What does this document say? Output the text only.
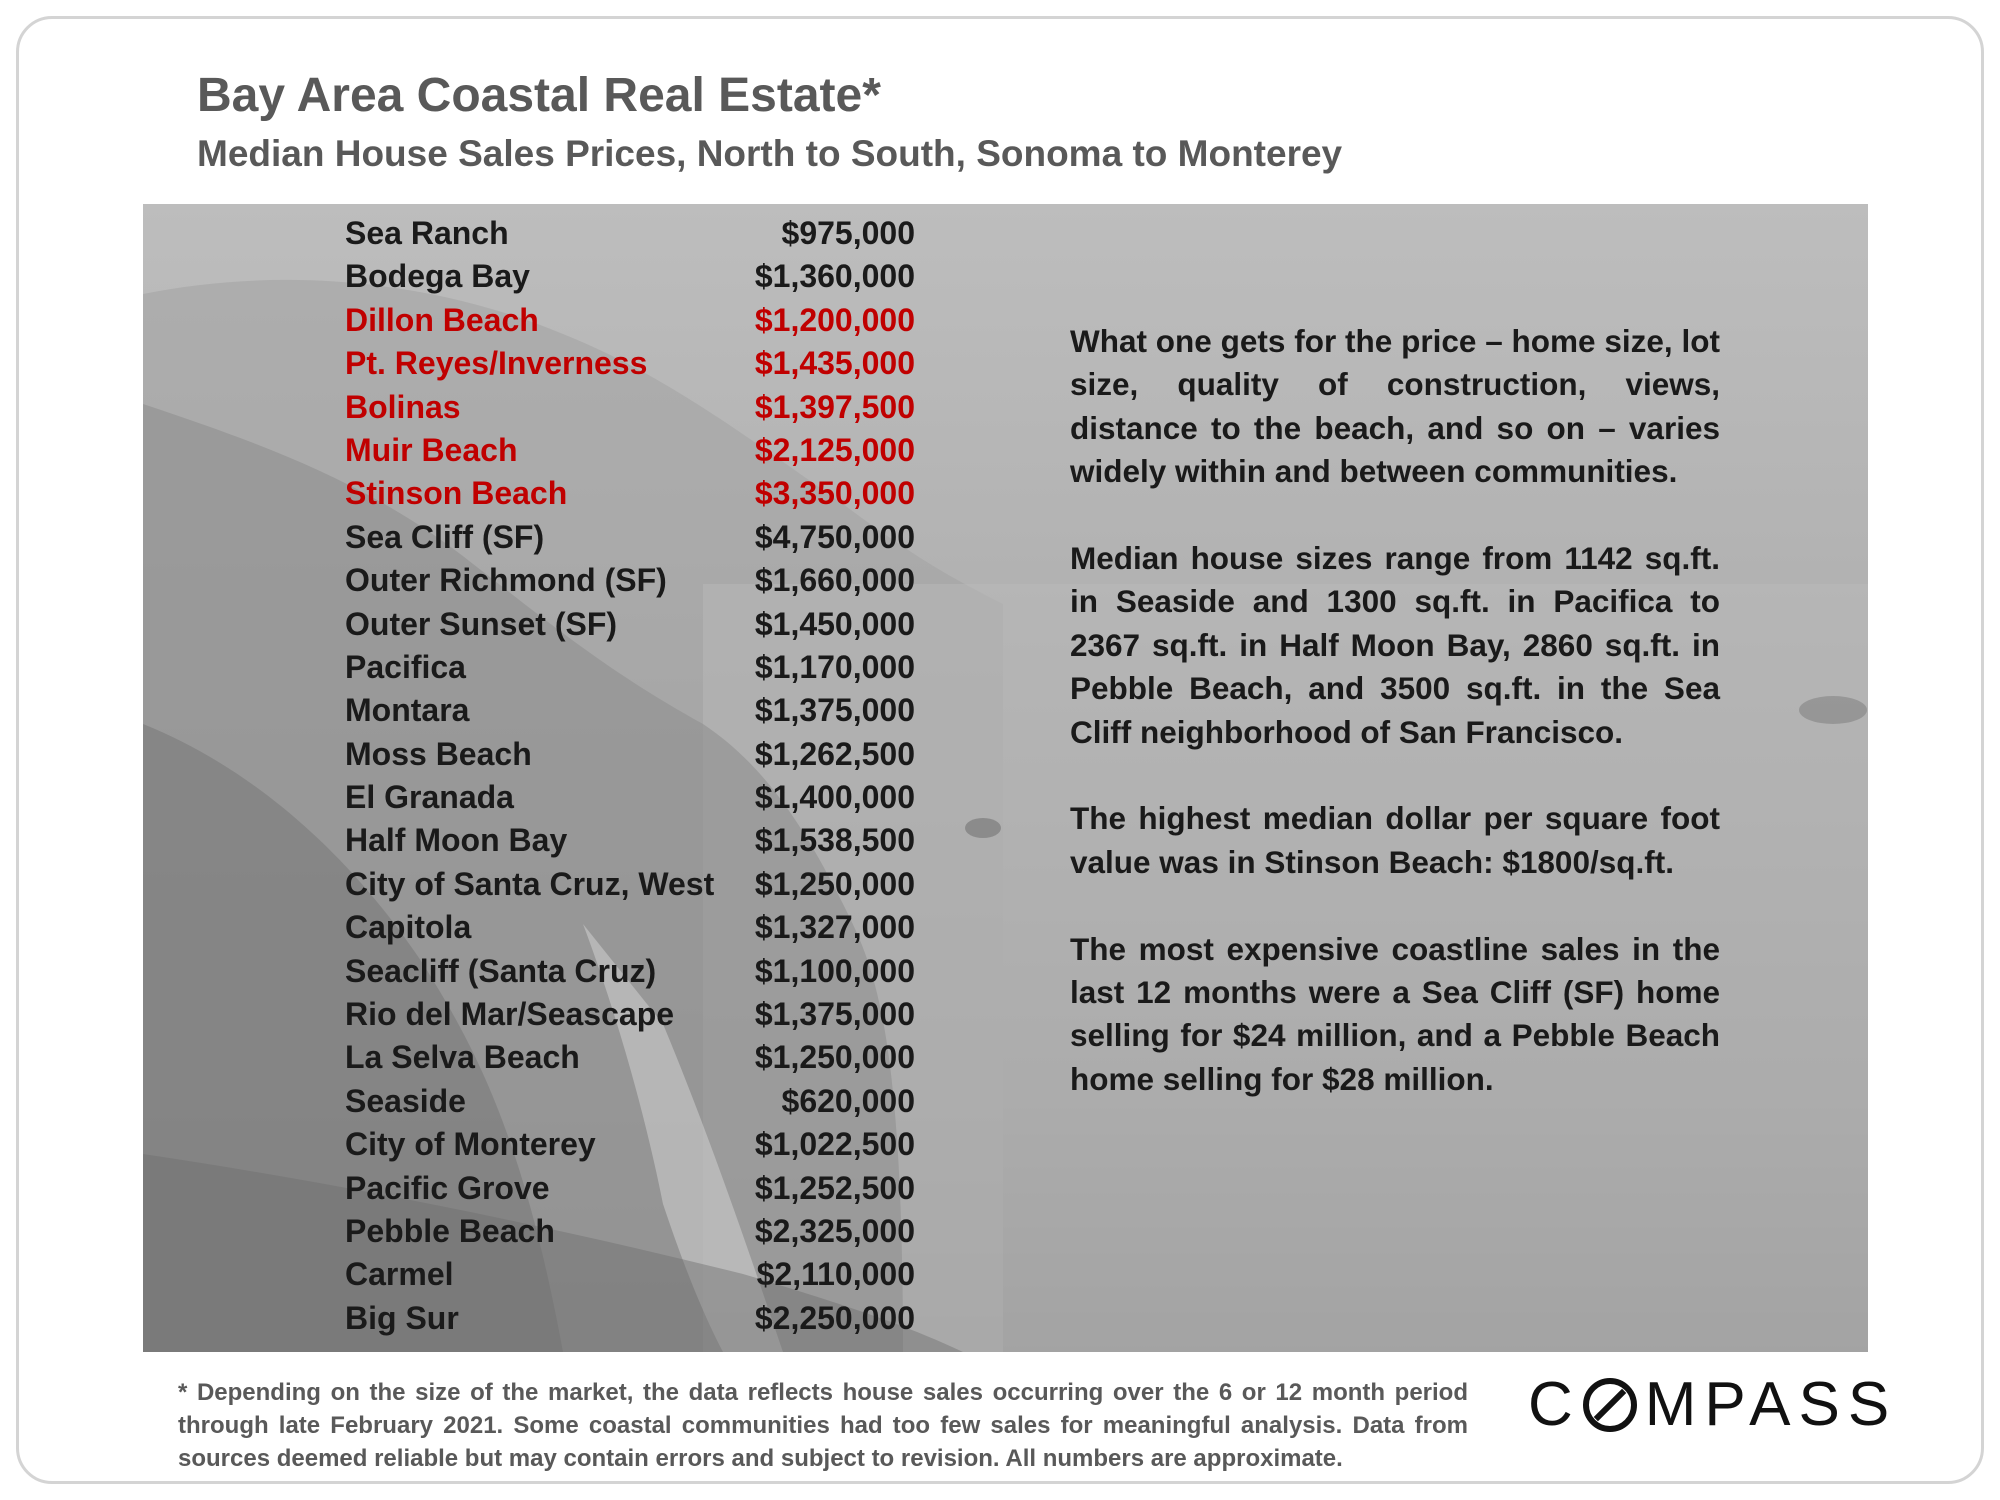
Bay Area Coastal Real Estate*
Median House Sales Prices, North to South, Sonoma to Monterey
Sea Ranch	$975,000
Bodega Bay	$1,360,000
Dillon Beach	$1,200,000
Pt. Reyes/Inverness	$1,435,000
Bolinas	$1,397,500
Muir Beach	$2,125,000
Stinson Beach	$3,350,000
Sea Cliff (SF)	$4,750,000
Outer Richmond (SF)	$1,660,000
Outer Sunset (SF)	$1,450,000
Pacifica	$1,170,000
Montara	$1,375,000
Moss Beach	$1,262,500
El Granada	$1,400,000
Half Moon Bay	$1,538,500
City of Santa Cruz, West $1,250,000
Capitola	$1,327,000
Seacliff (Santa Cruz)	$1,100,000
Rio del Mar/Seascape	$1,375,000
La Selva Beach	$1,250,000
Seaside	$620,000
City of Monterey	$1,022,500
Pacific Grove	$1,252,500
Pebble Beach	$2,325,000
Carmel	$2,110,000
Big Sur	$2,250,000

What one gets for the price – home size, lot size, quality of construction, views, distance to the beach, and so on – varies widely within and between communities.

Median house sizes range from 1142 sq.ft. in Seaside and 1300 sq.ft. in Pacifica to 2367 sq.ft. in Half Moon Bay, 2860 sq.ft. in Pebble Beach, and 3500 sq.ft. in the Sea Cliff neighborhood of San Francisco.

The highest median dollar per square foot value was in Stinson Beach: $1800/sq.ft.

The most expensive coastline sales in the last 12 months were a Sea Cliff (SF) home selling for $24 million, and a Pebble Beach home selling for $28 million.

* Depending on the size of the market, the data reflects house sales occurring over the 6 or 12 month period through late February 2021. Some coastal communities had too few sales for meaningful analysis. Data from sources deemed reliable but may contain errors and subject to revision. All numbers are approximate.

C MPASS
